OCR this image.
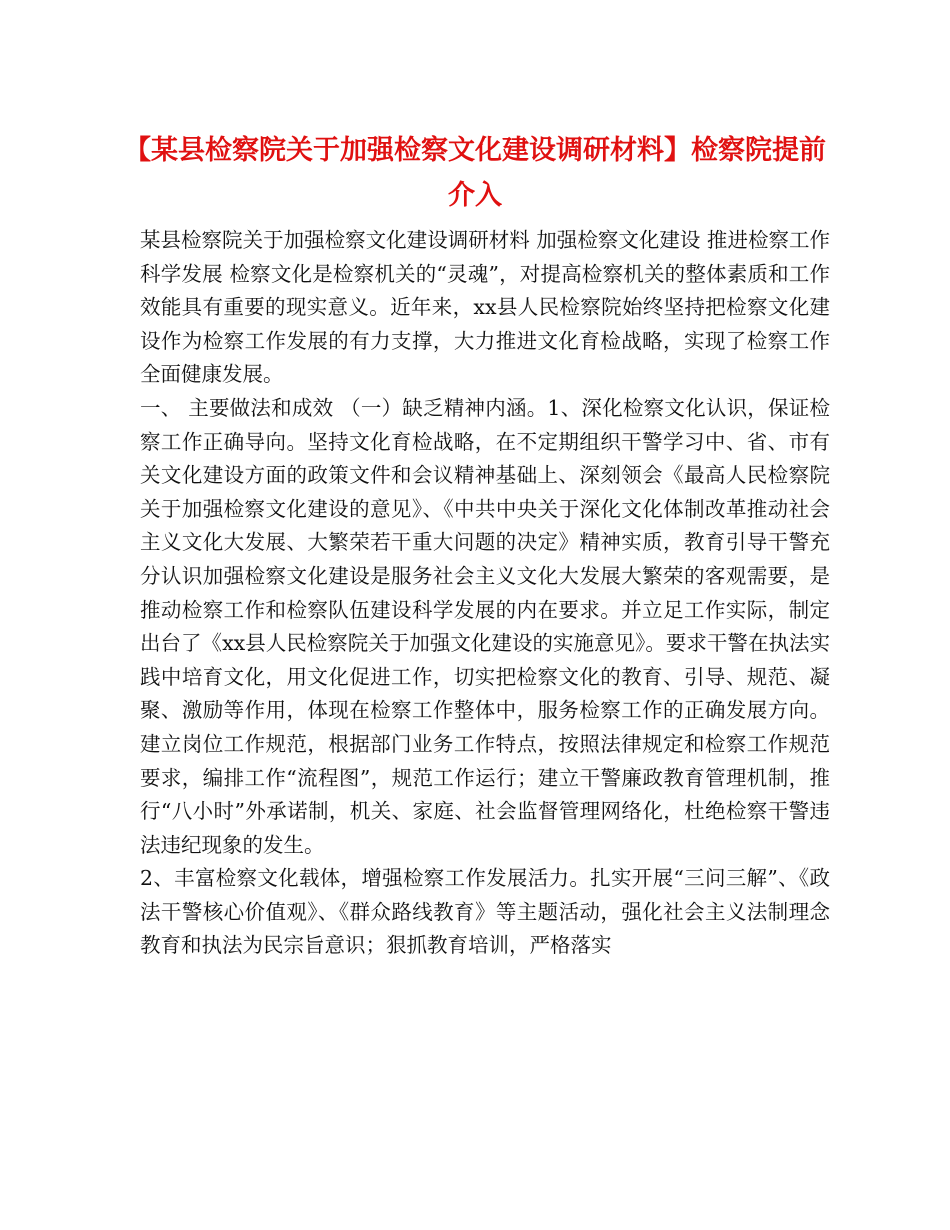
【某县检察院关于加强检察文化建设调研材料】检察院提前介入

某县检察院关于加强检察文化建设调研材料 加强检察文化建设 推进检察工作科学发展 检察文化是检察机关的“灵魂”，对提高检察机关的整体素质和工作效能具有重要的现实意义。近年来，xx县人民检察院始终坚持把检察文化建设作为检察工作发展的有力支撑，大力推进文化育检战略，实现了检察工作全面健康发展。

一、 主要做法和成效 （一）缺乏精神内涵。1、深化检察文化认识，保证检察工作正确导向。坚持文化育检战略，在不定期组织干警学习中、省、市有关文化建设方面的政策文件和会议精神基础上、深刻领会《最高人民检察院关于加强检察文化建设的意见》、《中共中央关于深化文化体制改革推动社会主义文化大发展、大繁荣若干重大问题的决定》精神实质，教育引导干警充分认识加强检察文化建设是服务社会主义文化大发展大繁荣的客观需要，是推动检察工作和检察队伍建设科学发展的内在要求。并立足工作实际，制定出台了《xx县人民检察院关于加强文化建设的实施意见》。要求干警在执法实践中培育文化，用文化促进工作，切实把检察文化的教育、引导、规范、凝聚、激励等作用，体现在检察工作整体中，服务检察工作的正确发展方向。建立岗位工作规范，根据部门业务工作特点，按照法律规定和检察工作规范要求，编排工作“流程图”，规范工作运行；建立干警廉政教育管理机制，推行“八小时”外承诺制，机关、家庭、社会监督管理网络化，杜绝检察干警违法违纪现象的发生。

2、丰富检察文化载体，增强检察工作发展活力。扎实开展“三问三解”、《政法干警核心价值观》、《群众路线教育》等主题活动，强化社会主义法制理念教育和执法为民宗旨意识；狠抓教育培训，严格落实
